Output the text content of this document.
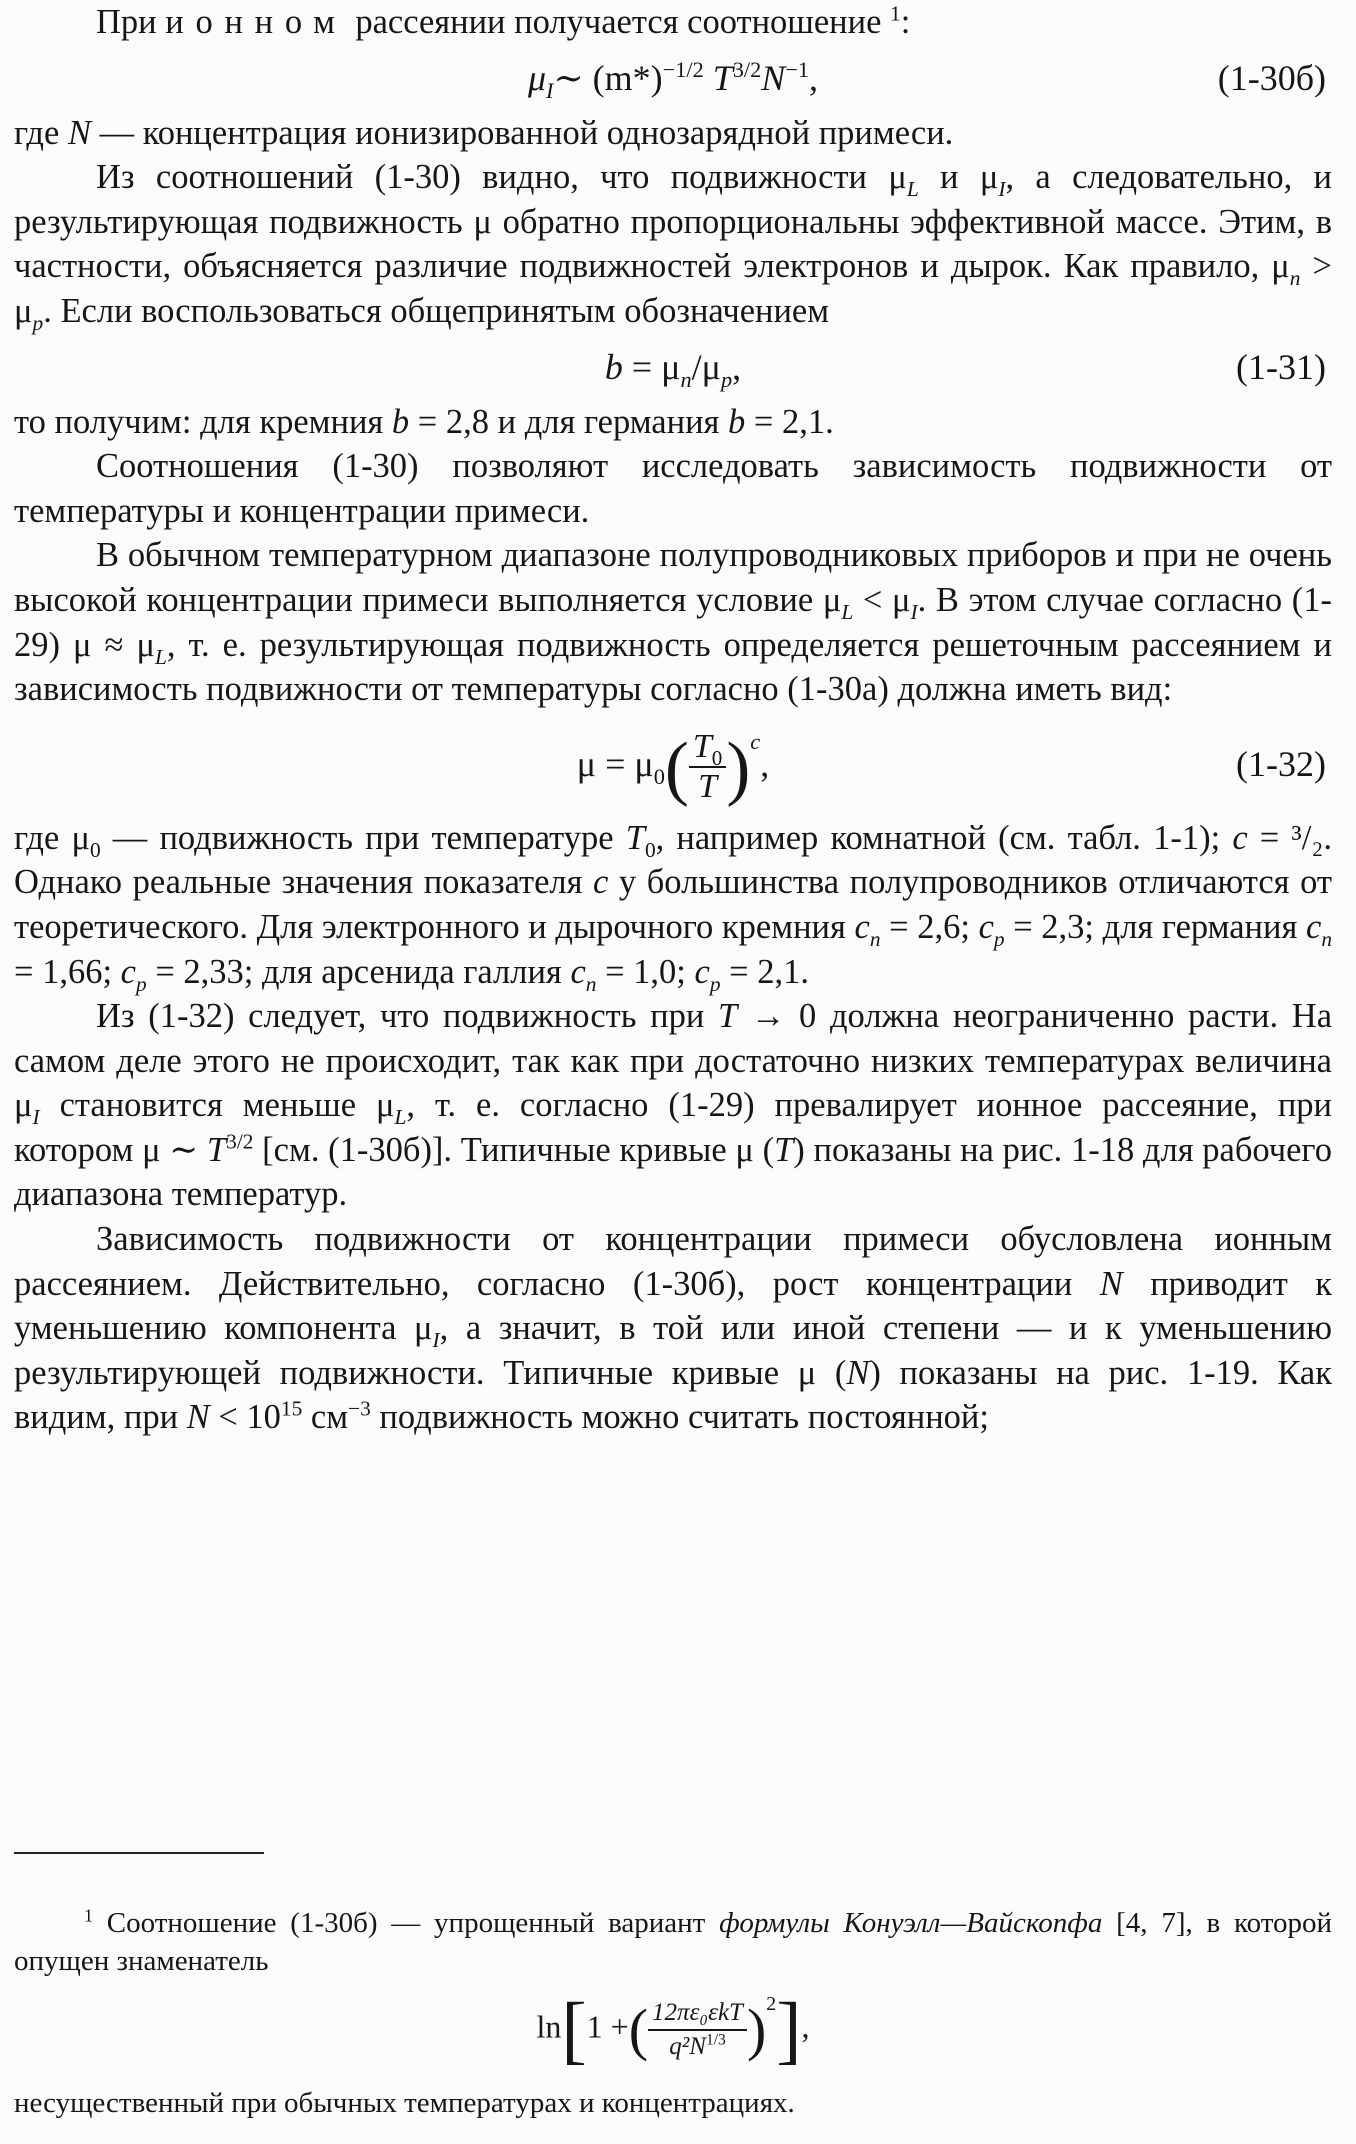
При ионном рассеянии получается соотношение $^1$:

$\mu_I\sim$ $(m*)^{-1/2}$ $T^{3/2}N^{-1}$,	(1-30б)

где N — концентрация ионизированной однозарядной примеси.

Из соотношений (1-30) видно, что подвижности $\mu_L$ и $\mu_I$, а следовательно, и результирующая подвижность μ обратно пропорциональны эффективной массе. Этим, в частности, объясняется различие подвижностей электронов и дырок. Как правило, $\mu_n > \mu_p$. Если воспользоваться общепринятым обозначением

$b = \mu_n/\mu_p$,	(1-31)

то получим: для кремния b = 2,8 и для германия b = 2,1.

Соотношения (1-30) позволяют исследовать зависимость подвижности от температуры и концентрации примеси.

В обычном температурном диапазоне полупроводниковых приборов и при не очень высокой концентрации примеси выполняется условие $\mu_L < \mu_I$. В этом случае согласно (1-29) $\mu \approx \mu_L$, т. е. результирующая подвижность определяется решеточным рассеянием и зависимость подвижности от температуры согласно (1-30а) должна иметь вид:

$\mu = \mu_0( \frac{T_0}{T} )^c$,	(1-32)

где $\mu_0$ — подвижность при температуре $T_0$, например комнатной (см. табл. 1-1); c = ³/₂. Однако реальные значения показателя c у большинства полупроводников отличаются от теоретического. Для электронного и дырочного кремния $c_n = 2,6$; $c_p = 2,3$; для германия $c_n = 1,66$; $c_p = 2,33$; для арсенида галлия $c_n = 1,0$; $c_p = 2,1$.

Из (1-32) следует, что подвижность при T → 0 должна неограниченно расти. На самом деле этого не происходит, так как при достаточно низких температурах величина $\mu_I$ становится меньше $\mu_L$, т. е. согласно (1-29) превалирует ионное рассеяние, при котором μ ∼ $T^{3/2}$ [см. (1-30б)]. Типичные кривые μ (T) показаны на рис. 1-18 для рабочего диапазона температур.

Зависимость подвижности от концентрации примеси обусловлена ионным рассеянием. Действительно, согласно (1-30б), рост концентрации N приводит к уменьшению компонента $\mu_I$, а значит, в той или иной степени — и к уменьшению результирующей подвижности. Типичные кривые μ (N) показаны на рис. 1-19. Как видим, при $N < 10^{15}$ $см^{-3}$ подвижность можно считать постоянной;

$^1$ Соотношение (1-30б) — упрощенный вариант формулы Конуэлл—Вайскопфа [4, 7], в которой опущен знаменатель

ln[1 +( $\frac{\text{12πε₀εkT}}{q^2N^{1/3}} )^2$],

несущественный при обычных температурах и концентрациях.
